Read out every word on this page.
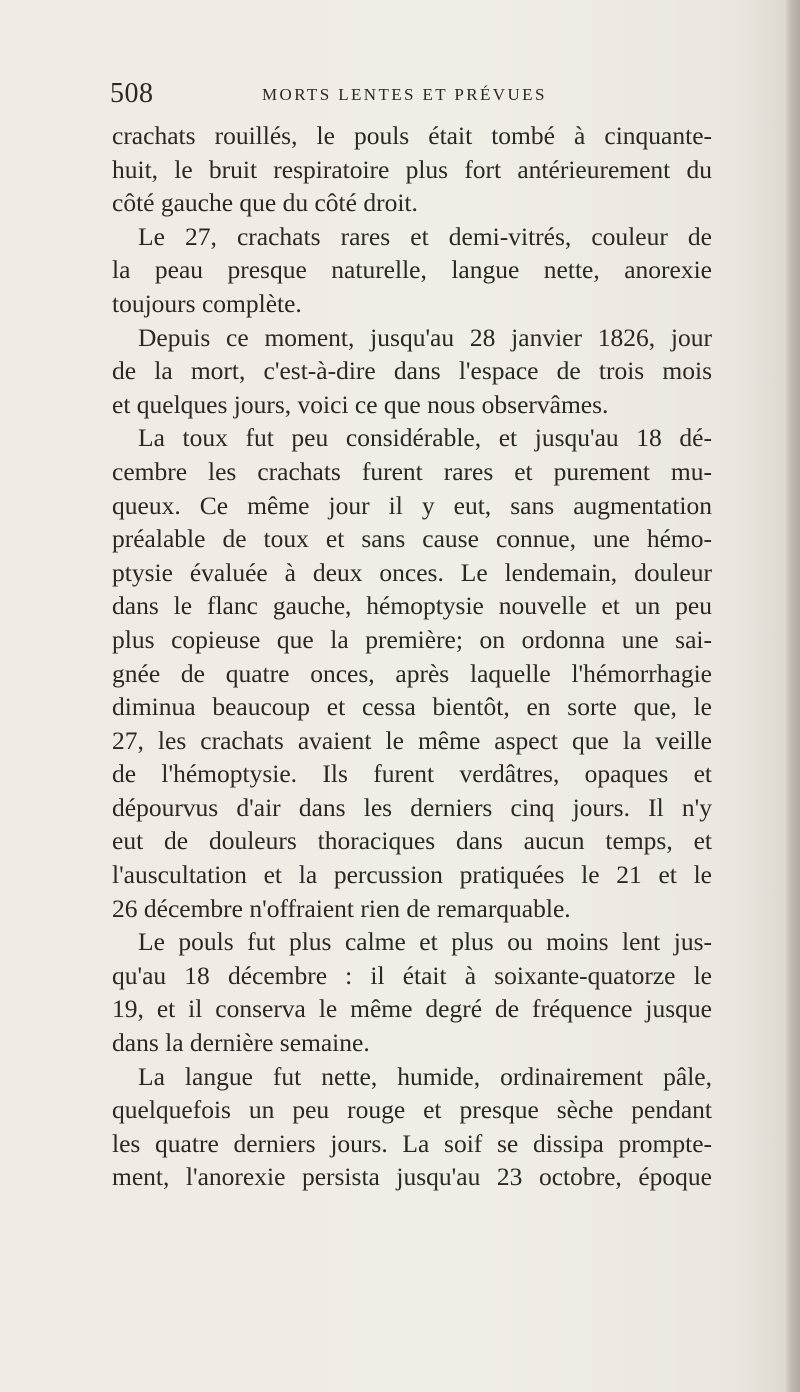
508	MORTS LENTES ET PRÉVUES
crachats rouillés, le pouls était tombé à cinquante-
huit, le bruit respiratoire plus fort antérieurement du
côté gauche que du côté droit.
Le 27, crachats rares et demi-vitrés, couleur de
la peau presque naturelle, langue nette, anorexie
toujours complète.
Depuis ce moment, jusqu'au 28 janvier 1826, jour
de la mort, c'est-à-dire dans l'espace de trois mois
et quelques jours, voici ce que nous observâmes.
La toux fut peu considérable, et jusqu'au 18 dé-
cembre les crachats furent rares et purement mu-
queux. Ce même jour il y eut, sans augmentation
préalable de toux et sans cause connue, une hémo-
ptysie évaluée à deux onces. Le lendemain, douleur
dans le flanc gauche, hémoptysie nouvelle et un peu
plus copieuse que la première; on ordonna une sai-
gnée de quatre onces, après laquelle l'hémorrhagie
diminua beaucoup et cessa bientôt, en sorte que, le
27, les crachats avaient le même aspect que la veille
de l'hémoptysie. Ils furent verdâtres, opaques et
dépourvus d'air dans les derniers cinq jours. Il n'y
eut de douleurs thoraciques dans aucun temps, et
l'auscultation et la percussion pratiquées le 21 et le
26 décembre n'offraient rien de remarquable.
Le pouls fut plus calme et plus ou moins lent jus-
qu'au 18 décembre : il était à soixante-quatorze le
19, et il conserva le même degré de fréquence jusque
dans la dernière semaine.
La langue fut nette, humide, ordinairement pâle,
quelquefois un peu rouge et presque sèche pendant
les quatre derniers jours. La soif se dissipa prompte-
ment, l'anorexie persista jusqu'au 23 octobre, époque
